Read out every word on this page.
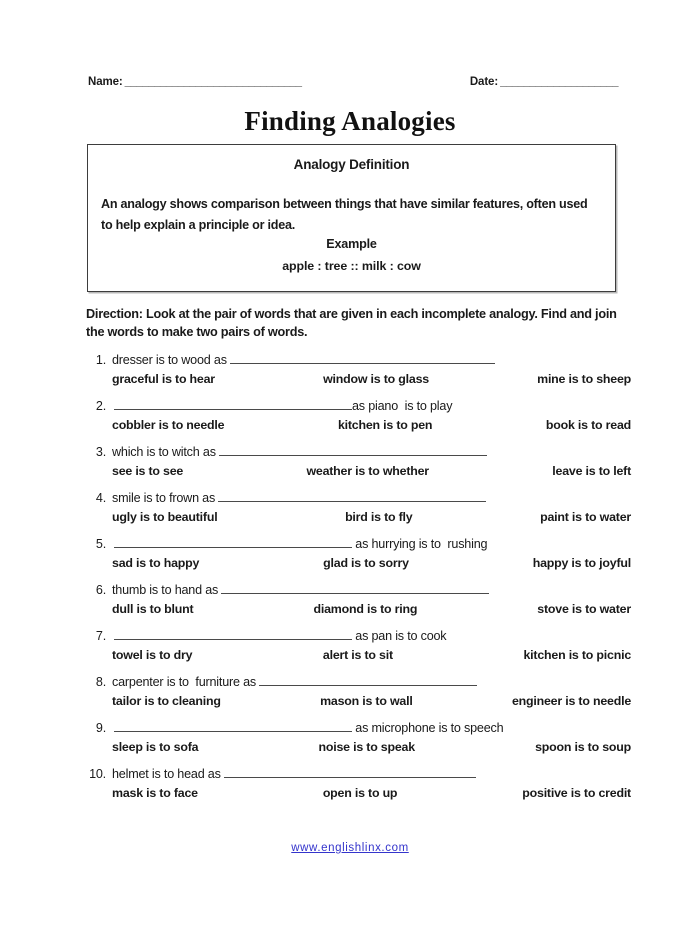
Name: ______________________________	Date: ____________________
Finding Analogies
Analogy Definition
An analogy shows comparison between things that have similar features, often used to help explain a principle or idea.
Example
apple : tree :: milk : cow
Direction: Look at the pair of words that are given in each incomplete analogy. Find and join the words to make two pairs of words.
1. dresser is to wood as
graceful is to hear	window is to glass	mine is to sheep
2.	as piano  is to play
cobbler is to needle	kitchen is to pen	book is to read
3. which is to witch as
see is to see	weather is to whether	leave is to left
4. smile is to frown as
ugly is to beautiful	bird is to fly	paint is to water
5.	as hurrying is to  rushing
sad is to happy	glad is to sorry	happy is to joyful
6. thumb is to hand as
dull is to blunt	diamond is to ring	stove is to water
7.	as pan is to cook
towel is to dry	alert is to sit	kitchen is to picnic
8. carpenter is to  furniture as
tailor is to cleaning	mason is to wall	engineer is to needle
9.	as microphone is to speech
sleep is to sofa	noise is to speak	spoon is to soup
10. helmet is to head as
mask is to face	open is to up	positive is to credit
www.englishlinx.com
